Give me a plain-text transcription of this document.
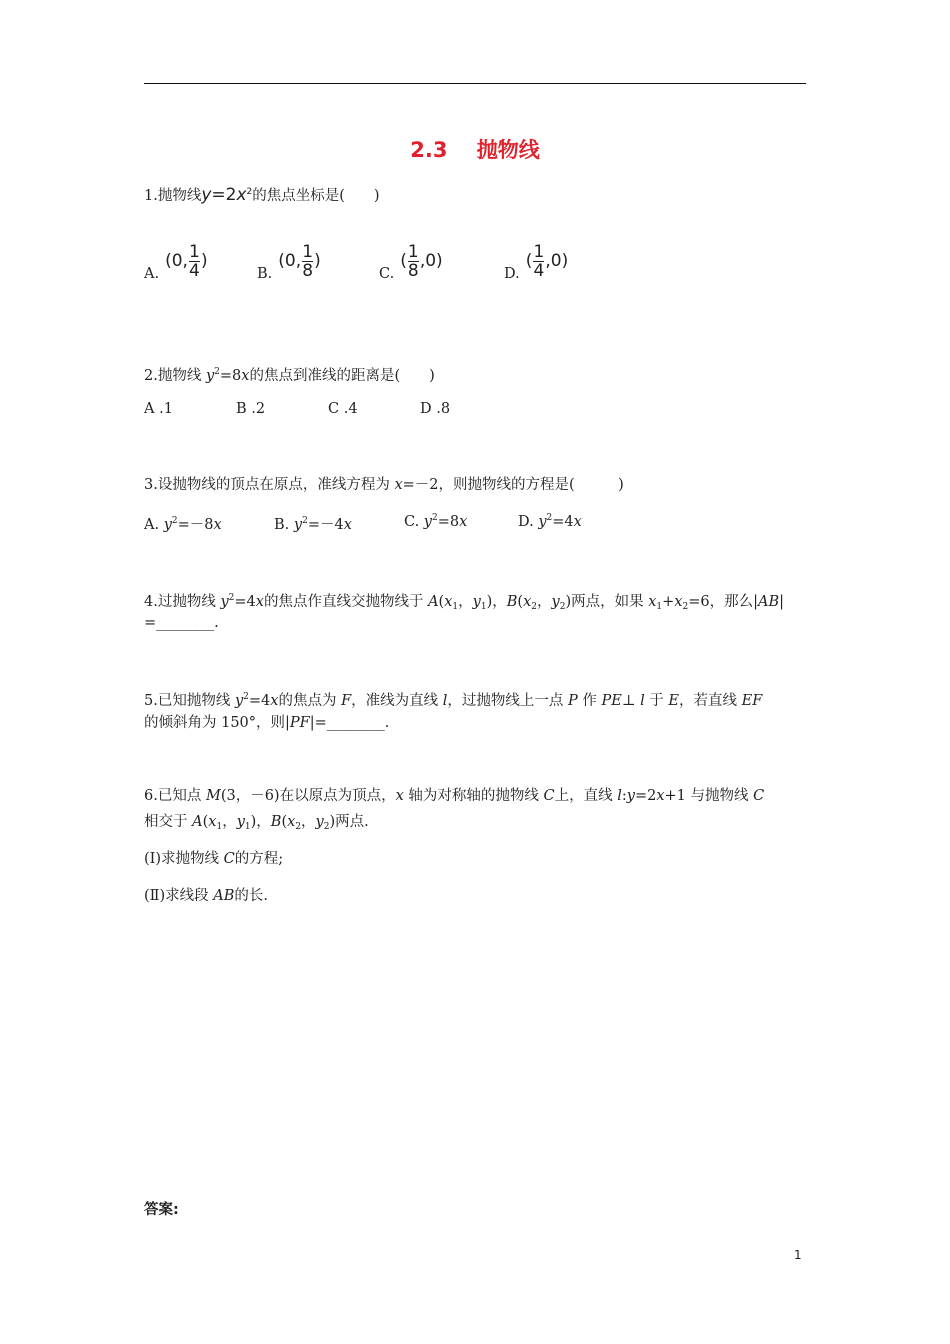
2.3 抛物线
1.抛物线$y=2x^2$的焦点坐标是(　　)
A.
(0, $\frac{1}{4}$ )
B.
(0, $\frac{1}{8}$ )
C.
( $\frac{1}{8} ,0$)
D.
( $\frac{1}{4} ,0$)
2.抛物线 $y^2=8x$的焦点到准线的距离是(　　)
A .1	B .2	C .4	D .8
3.设抛物线的顶点在原点，准线方程为 x=－2，则抛物线的方程是(　　　)
A. $y^2=-8x$	B. $y^2=-4x$	C. $y^2=8x$	D. $y^2=4x$
4.过抛物线 $y^2=4x$的焦点作直线交抛物线于 $A(x_1$，$y_1$)，$B(x_2$，$y_2$)两点，如果 $x_1+x_2=6$，那么|AB|
=________.
5.已知抛物线 $y^2=4x$的焦点为 F，准线为直线 l，过抛物线上一点 P 作 PE⊥ l 于 E，若直线 EF
的倾斜角为 150°，则|PF|=________.
6.已知点 M(3，－6)在以原点为顶点，x 轴为对称轴的抛物线 C上，直线 l:y=2x+1 与抛物线 C
相交于 $A(x_1$，$y_1$)，$B(x_2$，$y_2$)两点.
(Ⅰ)求抛物线 C的方程;
(Ⅱ)求线段 AB的长.
答案:
1
